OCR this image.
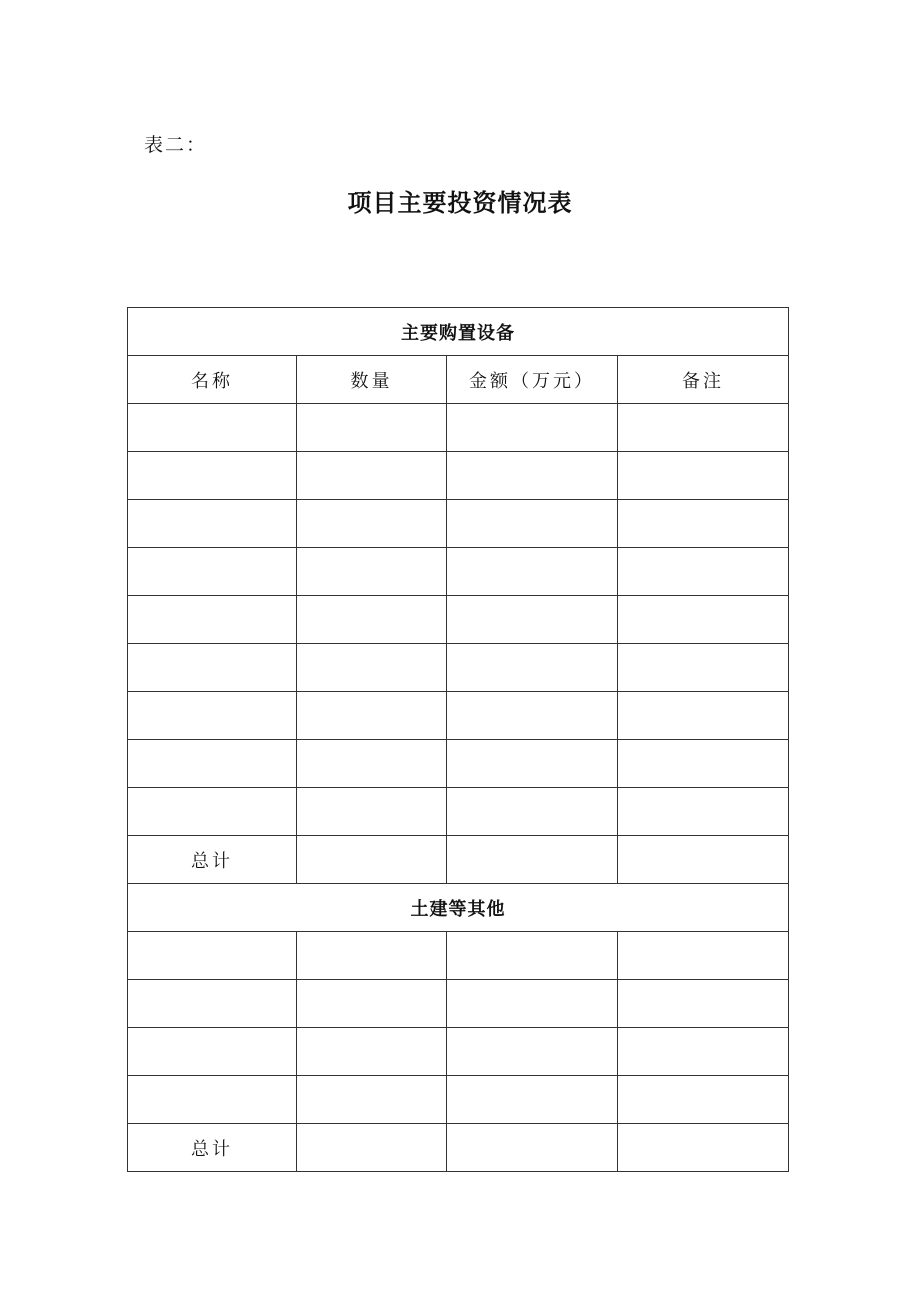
表二：
项目主要投资情况表
主要购置设备			
名称	数量	金额（万元）	备注

总计			
土建等其他			

总计			
